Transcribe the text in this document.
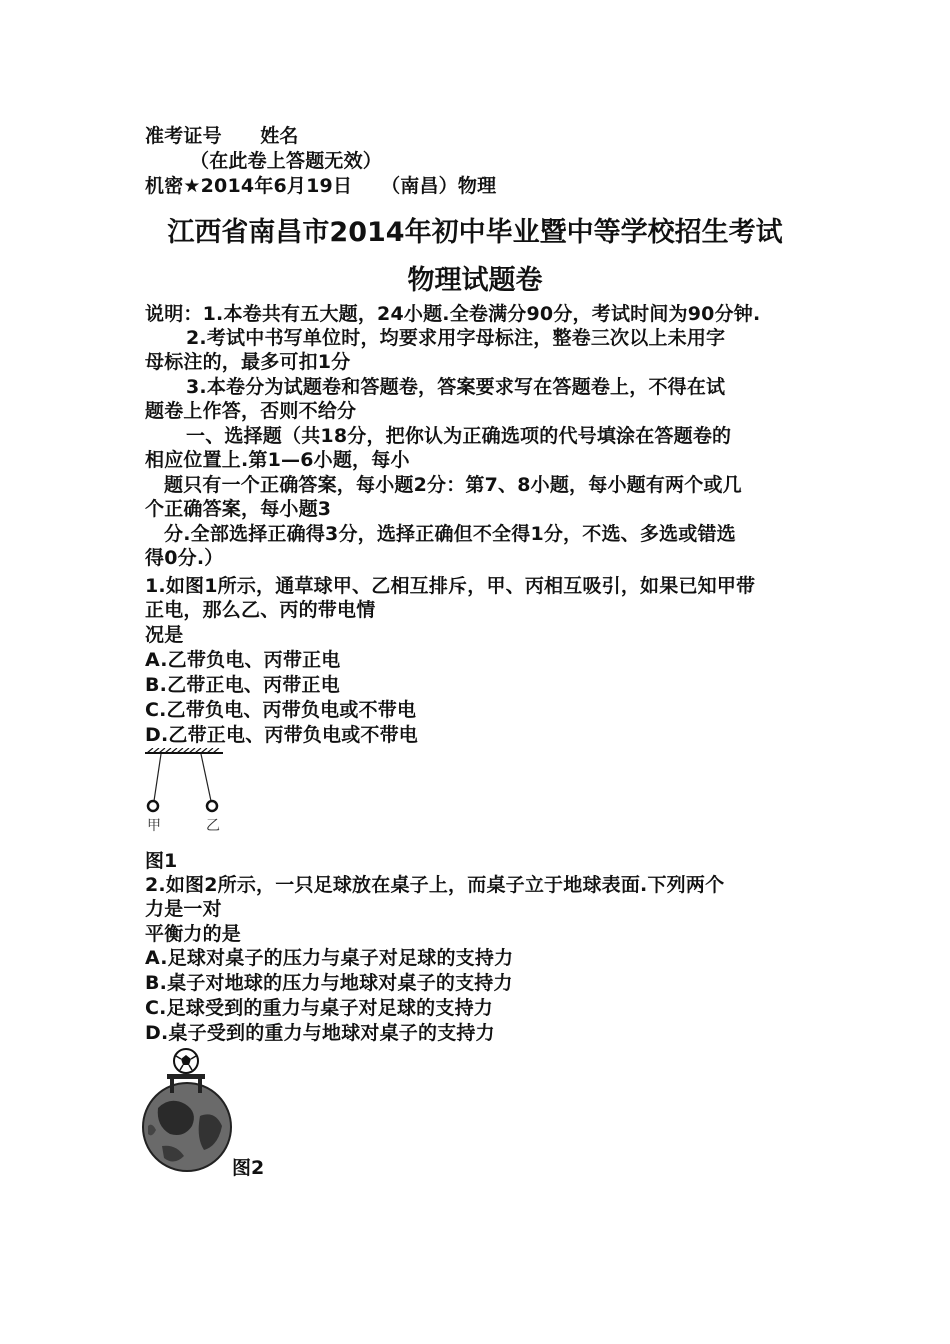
准考证号　　姓名
（在此卷上答题无效）
机密★2014年6月19日　　（南昌）物理
江西省南昌市2014年初中毕业暨中等学校招生考试
物理试题卷
说明：1.本卷共有五大题，24小题.全卷满分90分，考试时间为90分钟.
2.考试中书写单位时，均要求用字母标注，整卷三次以上未用字
母标注的，最多可扣1分
3.本卷分为试题卷和答题卷，答案要求写在答题卷上，不得在试
题卷上作答，否则不给分
一、选择题（共18分，把你认为正确选项的代号填涂在答题卷的
相应位置上.第1—6小题，每小
题只有一个正确答案，每小题2分：第7、8小题，每小题有两个或几
个正确答案，每小题3
分.全部选择正确得3分，选择正确但不全得1分，不选、多选或错选
得0分.）
1.如图1所示，通草球甲、乙相互排斥，甲、丙相互吸引，如果已知甲带
正电，那么乙、丙的带电情
况是
A.乙带负电、丙带正电
B.乙带正电、丙带正电
C.乙带负电、丙带负电或不带电
D.乙带正电、丙带负电或不带电
甲	乙
图1
2.如图2所示，一只足球放在桌子上，而桌子立于地球表面.下列两个
力是一对
平衡力的是
A.足球对桌子的压力与桌子对足球的支持力
B.桌子对地球的压力与地球对桌子的支持力
C.足球受到的重力与桌子对足球的支持力
D.桌子受到的重力与地球对桌子的支持力
图2
